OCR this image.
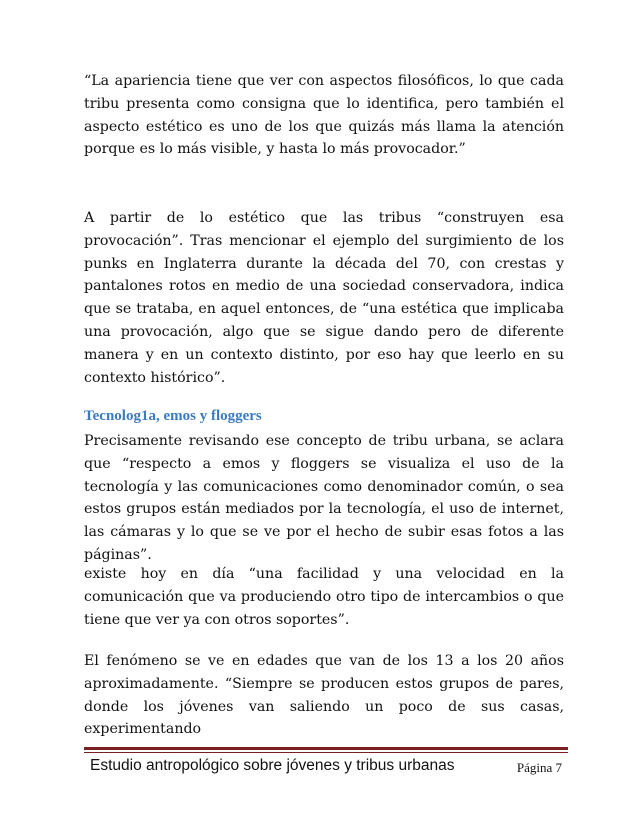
“La apariencia tiene que ver con aspectos filosóficos, lo que cada tribu presenta como consigna que lo identifica, pero también el aspecto estético es uno de los que quizás más llama la atención porque es lo más visible, y hasta lo más provocador.”

A partir de lo estético que las tribus “construyen esa provocación”. Tras mencionar el ejemplo del surgimiento de los punks en Inglaterra durante la década del 70, con crestas y pantalones rotos en medio de una sociedad conservadora, indica que se trataba, en aquel entonces, de “una estética que implicaba una provocación, algo que se sigue dando pero de diferente manera y en un contexto distinto, por eso hay que leerlo en su contexto histórico”.

Tecnolog1a, emos y floggers

Precisamente revisando ese concepto de tribu urbana, se aclara que “respecto a emos y floggers se visualiza el uso de la tecnología y las comunicaciones como denominador común, o sea estos grupos están mediados por la tecnología, el uso de internet, las cámaras y lo que se ve por el hecho de subir esas fotos a las páginas”.

existe hoy en día “una facilidad y una velocidad en la comunicación que va produciendo otro tipo de intercambios o que tiene que ver ya con otros soportes”.

El fenómeno se ve en edades que van de los 13 a los 20 años aproximadamente. “Siempre se producen estos grupos de pares, donde los jóvenes van saliendo un poco de sus casas, experimentando

Estudio antropológico sobre jóvenes y tribus urbanas	Página 7
